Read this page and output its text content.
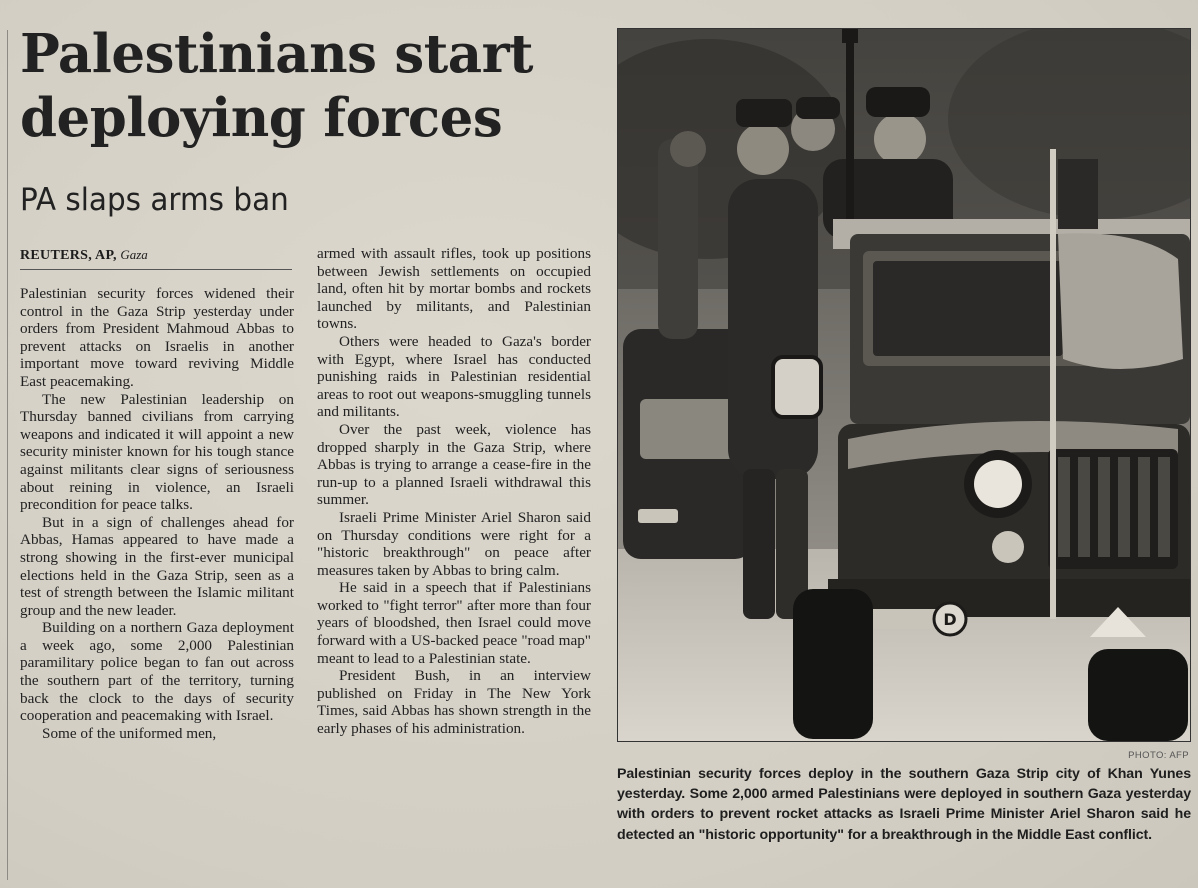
Palestinians start deploying forces
PA slaps arms ban
REUTERS, AP, Gaza

Palestinian security forces widened their control in the Gaza Strip yesterday under orders from President Mahmoud Abbas to prevent attacks on Israelis in another important move toward reviving Middle East peacemaking.

The new Palestinian leadership on Thursday banned civilians from carrying weapons and indicated it will appoint a new security minister known for his tough stance against militants clear signs of seriousness about reining in violence, an Israeli precondition for peace talks.

But in a sign of challenges ahead for Abbas, Hamas appeared to have made a strong showing in the first-ever municipal elections held in the Gaza Strip, seen as a test of strength between the Islamic militant group and the new leader.

Building on a northern Gaza deployment a week ago, some 2,000 Palestinian paramilitary police began to fan out across the southern part of the territory, turning back the clock to the days of security cooperation and peacemaking with Israel.

Some of the uniformed men,

armed with assault rifles, took up positions between Jewish settlements on occupied land, often hit by mortar bombs and rockets launched by militants, and Palestinian towns.

Others were headed to Gaza's border with Egypt, where Israel has conducted punishing raids in Palestinian residential areas to root out weapons-smuggling tunnels and militants.

Over the past week, violence has dropped sharply in the Gaza Strip, where Abbas is trying to arrange a cease-fire in the run-up to a planned Israeli withdrawal this summer.

Israeli Prime Minister Ariel Sharon said on Thursday conditions were right for a "historic breakthrough" on peace after measures taken by Abbas to bring calm.

He said in a speech that if Palestinians worked to "fight terror" after more than four years of bloodshed, then Israel could move forward with a US-backed peace "road map" meant to lead to a Palestinian state.

President Bush, in an interview published on Friday in The New York Times, said Abbas has shown strength in the early phases of his administration.

D
PHOTO: AFP
Palestinian security forces deploy in the southern Gaza Strip city of Khan Yunes yesterday. Some 2,000 armed Palestinians were deployed in southern Gaza yesterday with orders to prevent rocket attacks as Israeli Prime Minister Ariel Sharon said he detected an "historic opportunity" for a breakthrough in the Middle East conflict.
